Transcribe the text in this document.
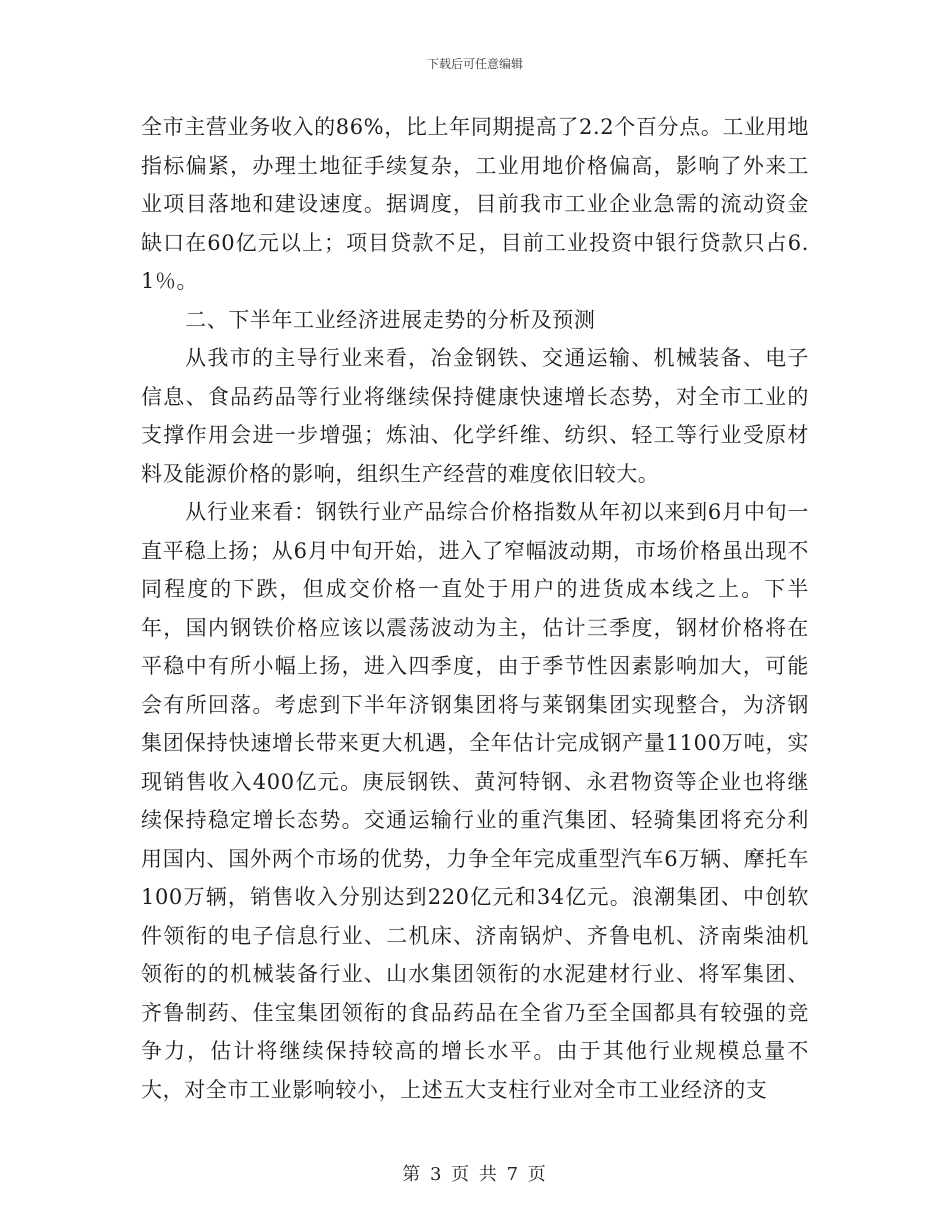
下载后可任意编辑

全市主营业务收入的86%，比上年同期提高了2.2个百分点。工业用地指标偏紧，办理土地征手续复杂，工业用地价格偏高，影响了外来工业项目落地和建设速度。据调度，目前我市工业企业急需的流动资金缺口在60亿元以上；项目贷款不足，目前工业投资中银行贷款只占6.1％。

二、下半年工业经济进展走势的分析及预测

从我市的主导行业来看，冶金钢铁、交通运输、机械装备、电子信息、食品药品等行业将继续保持健康快速增长态势，对全市工业的支撑作用会进一步增强；炼油、化学纤维、纺织、轻工等行业受原材料及能源价格的影响，组织生产经营的难度依旧较大。

从行业来看：钢铁行业产品综合价格指数从年初以来到6月中旬一直平稳上扬；从6月中旬开始，进入了窄幅波动期，市场价格虽出现不同程度的下跌，但成交价格一直处于用户的进货成本线之上。下半年，国内钢铁价格应该以震荡波动为主，估计三季度，钢材价格将在平稳中有所小幅上扬，进入四季度，由于季节性因素影响加大，可能会有所回落。考虑到下半年济钢集团将与莱钢集团实现整合，为济钢集团保持快速增长带来更大机遇，全年估计完成钢产量1100万吨，实现销售收入400亿元。庚辰钢铁、黄河特钢、永君物资等企业也将继续保持稳定增长态势。交通运输行业的重汽集团、轻骑集团将充分利用国内、国外两个市场的优势，力争全年完成重型汽车6万辆、摩托车100万辆，销售收入分别达到220亿元和34亿元。浪潮集团、中创软件领衔的电子信息行业、二机床、济南锅炉、齐鲁电机、济南柴油机领衔的的机械装备行业、山水集团领衔的水泥建材行业、将军集团、齐鲁制药、佳宝集团领衔的食品药品在全省乃至全国都具有较强的竞争力，估计将继续保持较高的增长水平。由于其他行业规模总量不大，对全市工业影响较小，上述五大支柱行业对全市工业经济的支

第 3 页 共 7 页
